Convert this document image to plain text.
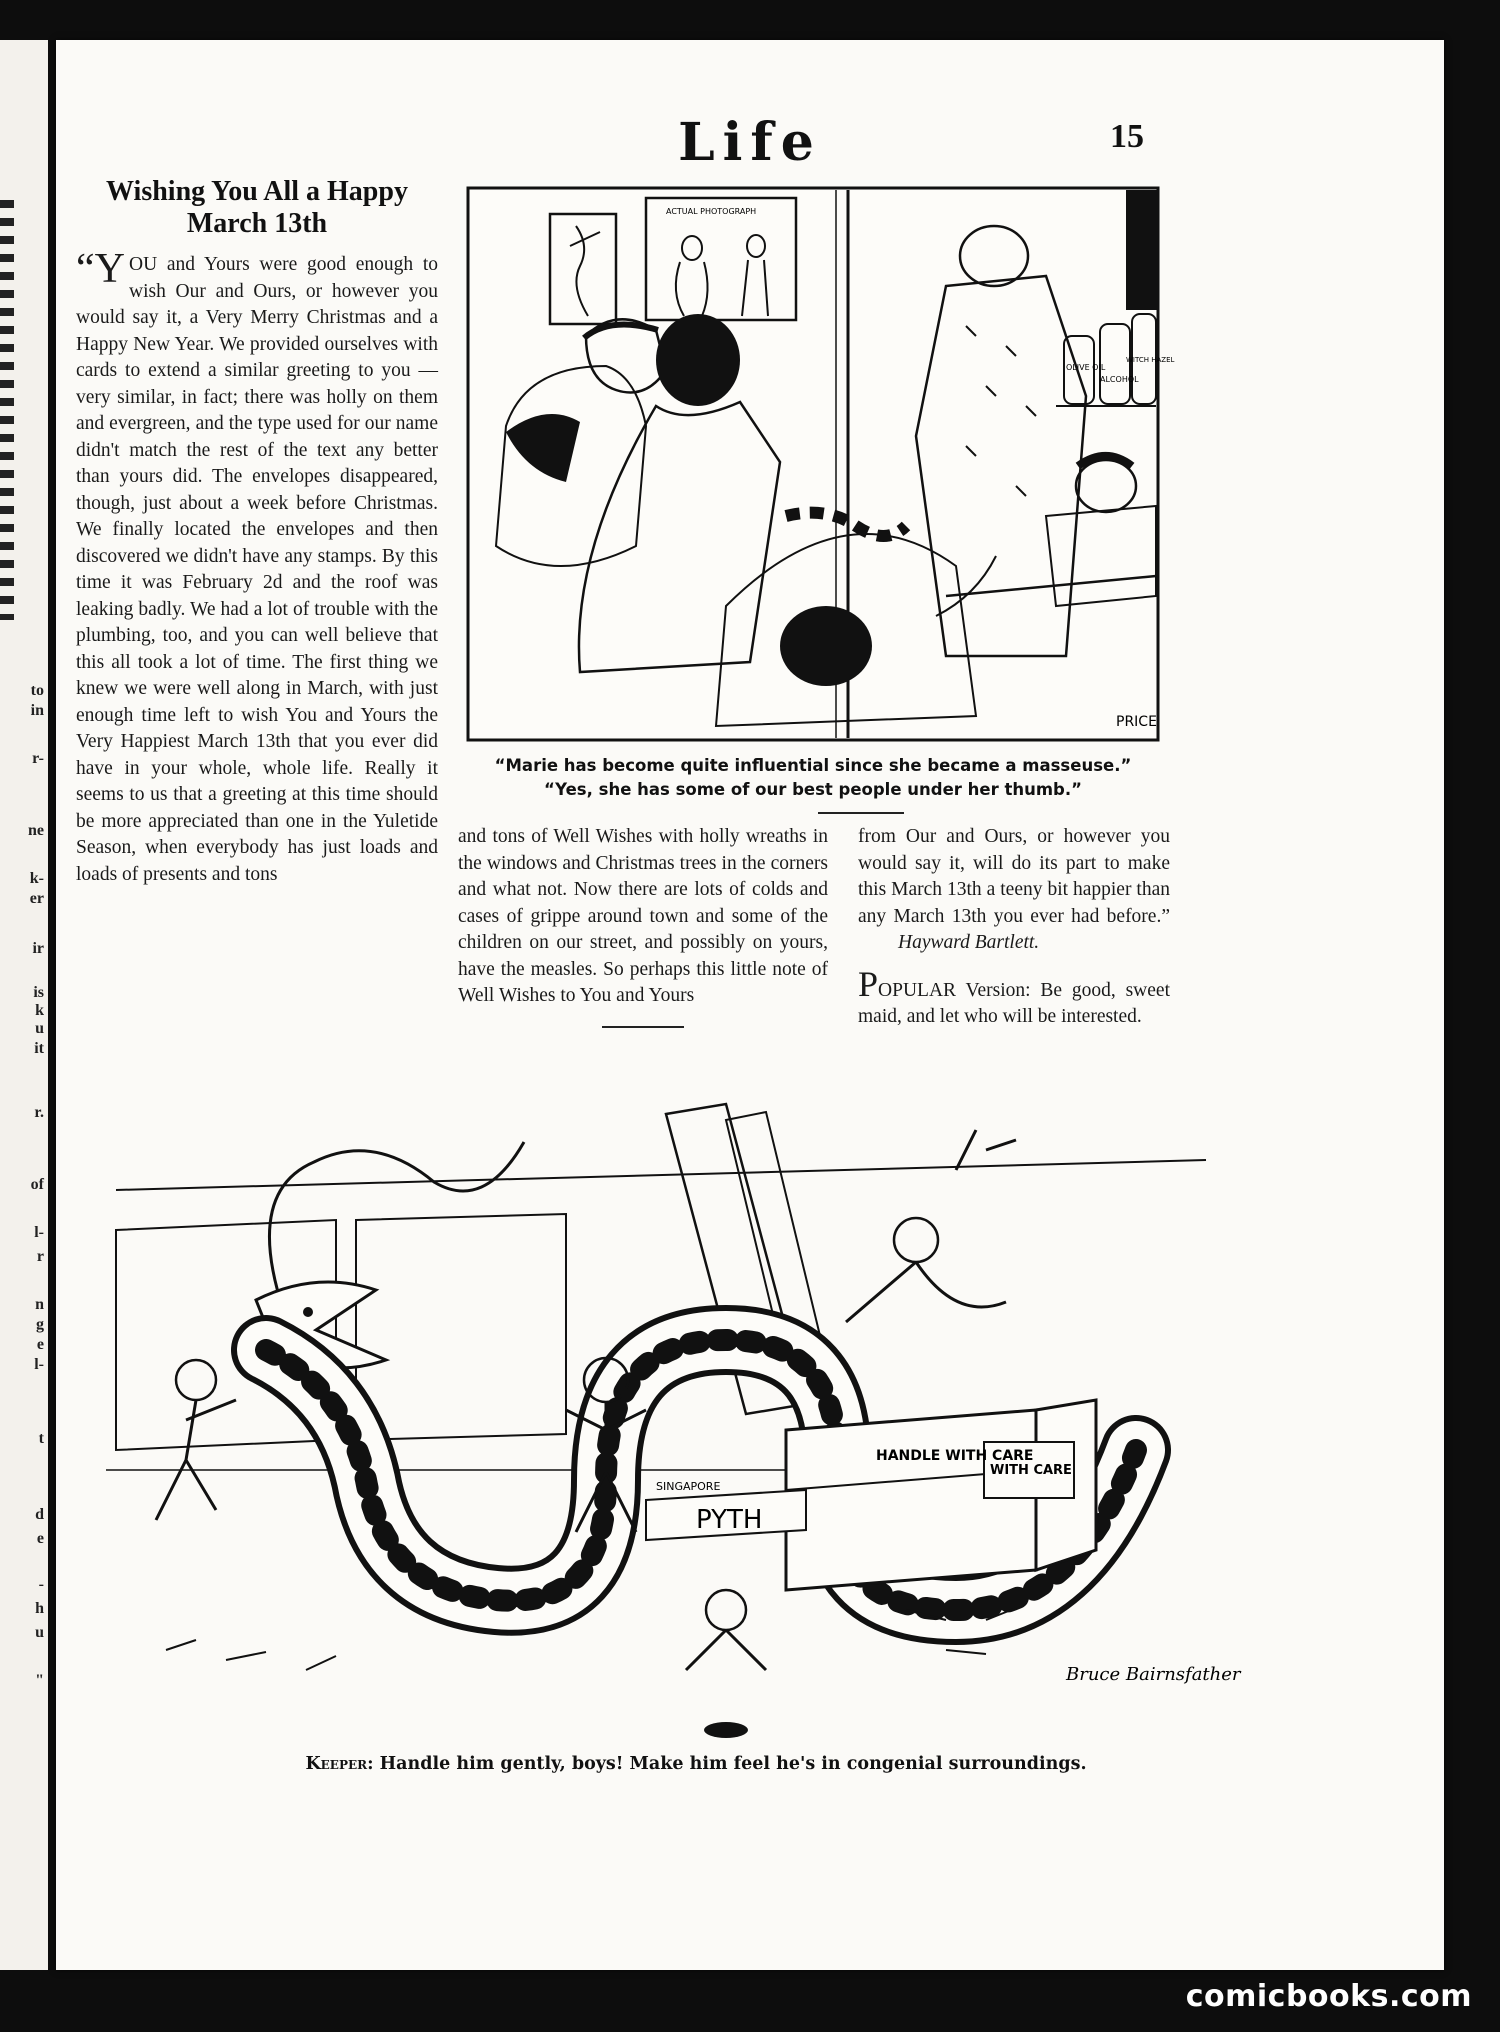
to
in
r-
ne
k-
er
ir
is
k
u
it
r.
of
l-
r
n
g
e
l-
t
d
e
-
h
u
"
Life	15
Wishing You All a Happy March 13th
“YOU and Yours were good enough to wish Our and Ours, or however you would say it, a Very Merry Christmas and a Happy New Year. We provided ourselves with cards to extend a similar greeting to you — very similar, in fact; there was holly on them and evergreen, and the type used for our name didn't match the rest of the text any better than yours did. The envelopes disappeared, though, just about a week before Christmas. We finally located the envelopes and then discovered we didn't have any stamps. By this time it was February 2d and the roof was leaking badly. We had a lot of trouble with the plumbing, too, and you can well believe that this all took a lot of time. The first thing we knew we were well along in March, with just enough time left to wish You and Yours the Very Happiest March 13th that you ever did have in your whole, whole life. Really it seems to us that a greeting at this time should be more appreciated than one in the Yuletide Season, when everybody has just loads and loads of presents and tons
ACTUAL PHOTOGRAPH
OLIVE OIL
ALCOHOL
WITCH HAZEL
PRICE
“Marie has become quite influential since she became a masseuse.”
“Yes, she has some of our best people under her thumb.”
and tons of Well Wishes with holly wreaths in the windows and Christmas trees in the corners and what not. Now there are lots of colds and cases of grippe around town and some of the children on our street, and possibly on yours, have the measles. So perhaps this little note of Well Wishes to You and Yours
from Our and Ours, or however you would say it, will do its part to make this March 13th a teeny bit happier than any March 13th you ever had before.” Hayward Bartlett.
POPULAR Version: Be good, sweet maid, and let who will be interested.
HANDLE WITH CARE
WITH CARE
PYTH
SINGAPORE
Bruce Bairnsfather
Keeper: Handle him gently, boys! Make him feel he's in congenial surroundings.
comicbooks.com
